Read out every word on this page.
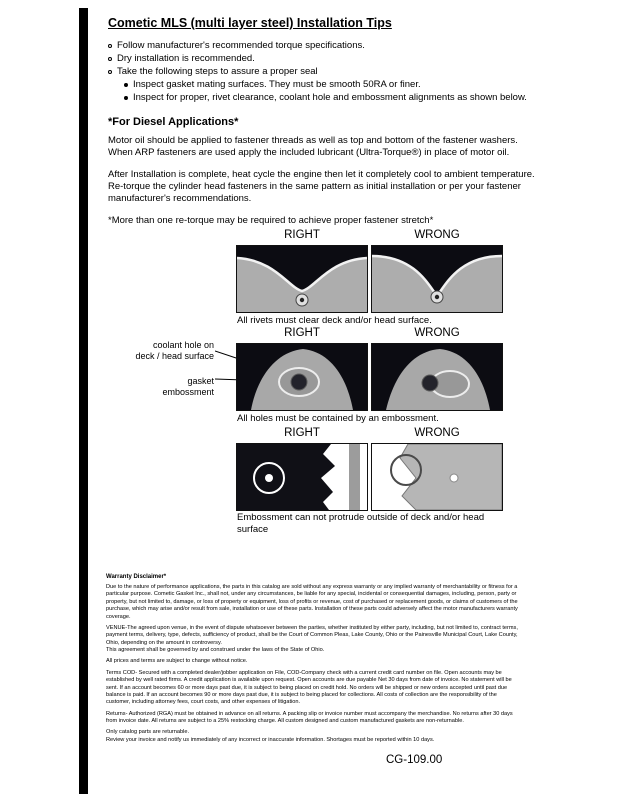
Cometic MLS (multi layer steel) Installation Tips
Follow manufacturer's recommended torque specifications.
Dry installation is recommended.
Take the following steps to assure a proper seal
Inspect gasket mating surfaces. They must be smooth 50RA or finer.
Inspect for proper, rivet clearance, coolant hole and embossment alignments as shown below.
*For Diesel Applications*

Motor oil should be applied to fastener threads as well as top and bottom of the fastener washers. When ARP fasteners are used apply the included lubricant (Ultra-Torque®) in place of motor oil.

After Installation is complete, heat cycle the engine then let it completely cool to ambient temperature. Re-torque the cylinder head fasteners in the same pattern as initial installation or per your fastener manufacturer's recommendations.

*More than one re-torque may be required to achieve proper fastener stretch*

RIGHT	WRONG
All rivets must clear deck and/or head surface.
RIGHT	WRONG
coolant hole on deck / head surface
gasket embossment
All holes must be contained by an embossment.
RIGHT	WRONG
Embossment can not protrude outside of deck and/or head surface

Warranty Disclaimer*

Due to the nature of performance applications, the parts in this catalog are sold without any express warranty or any implied warranty of merchantability or fitness for a particular purpose. Cometic Gasket Inc., shall not, under any circumstances, be liable for any special, incidental or consequential damages, including, person, party or property, but not limited to, damage, or loss of property or equipment, loss of profits or revenue, cost of purchased or replacement goods, or claims of customers of the purchase, which may arise and/or result from sale, installation or use of these parts. Installation of these parts could adversely affect the motor manufacturers warranty coverage.

VENUE-The agreed upon venue, in the event of dispute whatsoever between the parties, whether instituted by either party, including, but not limited to, contract terms, payment terms, delivery, type, defects, sufficiency of product, shall be the Court of Common Pleas, Lake County, Ohio or the Painesville Municipal Court, Lake County, Ohio, depending on the amount in controversy.

This agreement shall be governed by and construed under the laws of the State of Ohio.

All prices and terms are subject to change without notice.

Terms COD- Secured with a completed dealer/jobber application on File, COD-Company check with a current credit card number on file. Open accounts may be established by well rated firms. A credit application is available upon request. Open accounts are due payable Net 30 days from date of invoice. No statement will be sent. If an account becomes 60 or more days past due, it is subject to being placed on credit hold. No orders will be shipped or new orders accepted until past due balance is paid. If an account becomes 90 or more days past due, it is subject to being placed for collections. All costs of collection are the responsibility of the customer, including attorney fees, court costs, and other expenses of litigation.

Returns- Authorized (RGA) must be obtained in advance on all returns. A packing slip or invoice number must accompany the merchandise. No returns after 30 days from invoice date. All returns are subject to a 25% restocking charge. All custom designed and custom manufactured gaskets are non-returnable.

Only catalog parts are returnable.

Review your invoice and notify us immediately of any incorrect or inaccurate information. Shortages must be reported within 10 days.

CG-109.00
